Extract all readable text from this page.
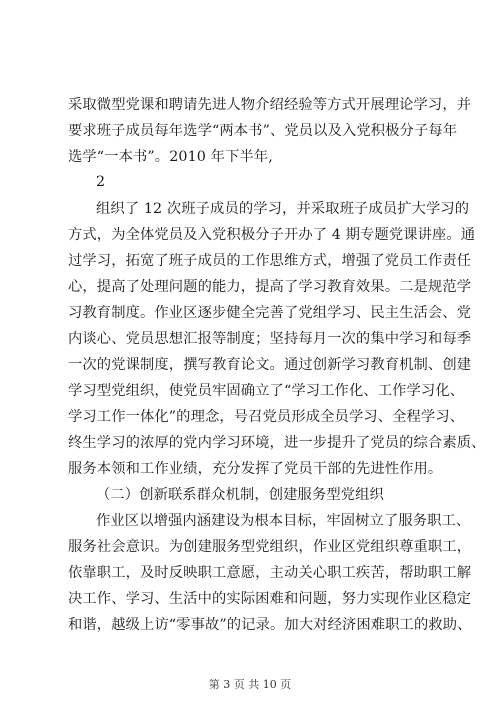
采取微型党课和聘请先进人物介绍经验等方式开展理论学习，并
要求班子成员每年选学“两本书”、党员以及入党积极分子每年
选学“一本书”。2010 年下半年,
2
组织了 12 次班子成员的学习，并采取班子成员扩大学习的
方式，为全体党员及入党积极分子开办了 4 期专题党课讲座。通
过学习，拓宽了班子成员的工作思维方式，增强了党员工作责任
心，提高了处理问题的能力，提高了学习教育效果。二是规范学
习教育制度。作业区逐步健全完善了党组学习、民主生活会、党
内谈心、党员思想汇报等制度；坚持每月一次的集中学习和每季
一次的党课制度，撰写教育论文。通过创新学习教育机制、创建
学习型党组织，使党员牢固确立了“学习工作化、工作学习化、
学习工作一体化”的理念，号召党员形成全员学习、全程学习、
终生学习的浓厚的党内学习环境，进一步提升了党员的综合素质、
服务本领和工作业绩，充分发挥了党员干部的先进性作用。
（二）创新联系群众机制，创建服务型党组织
作业区以增强内涵建设为根本目标，牢固树立了服务职工、
服务社会意识。为创建服务型党组织，作业区党组织尊重职工，
依靠职工，及时反映职工意愿，主动关心职工疾苦，帮助职工解
决工作、学习、生活中的实际困难和问题，努力实现作业区稳定
和谐，越级上访“零事故”的记录。加大对经济困难职工的救助、
第 3 页 共 10 页
